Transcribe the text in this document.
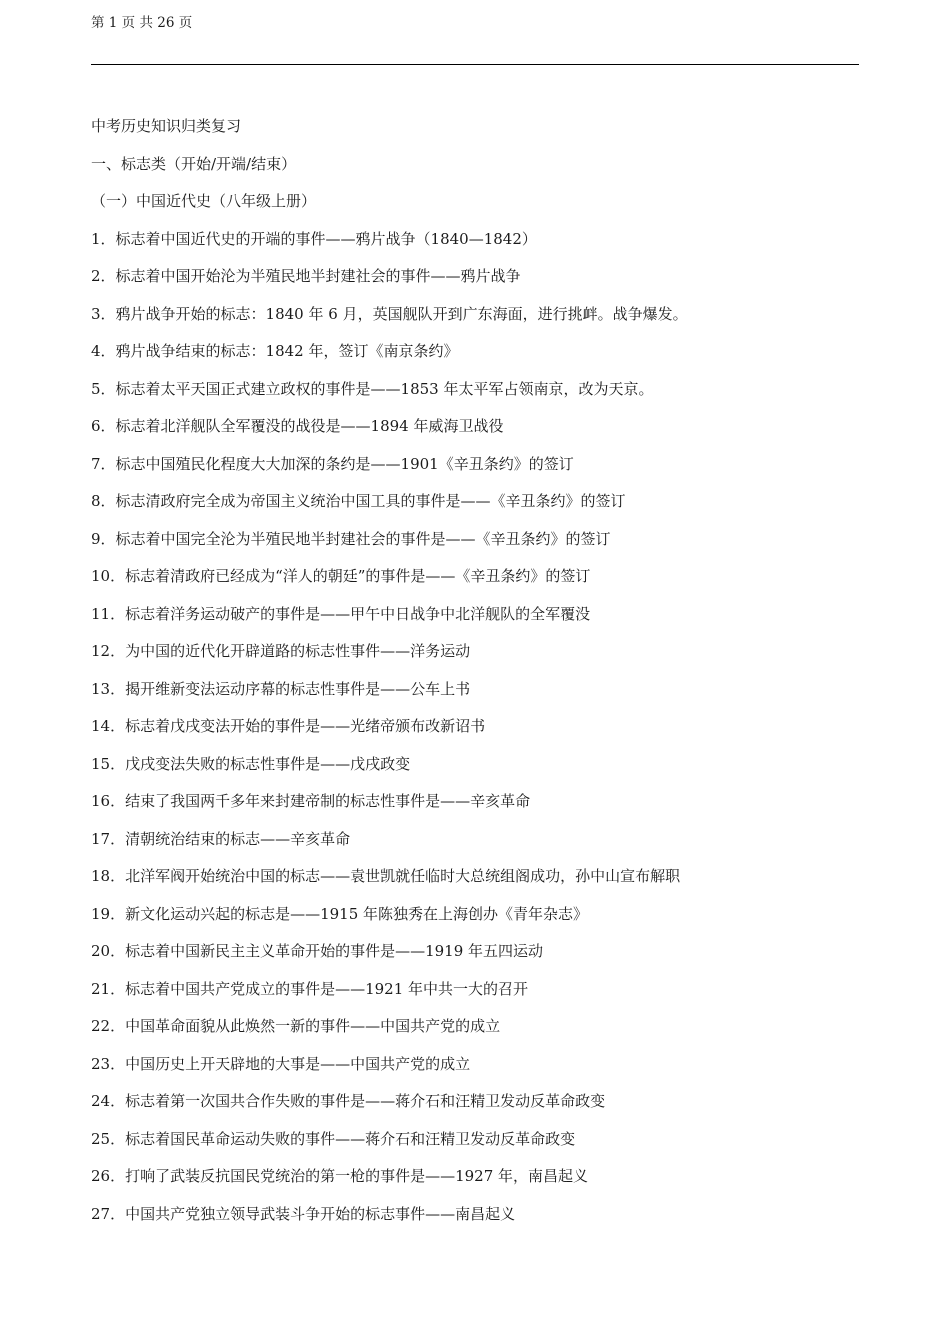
第 1 页 共 26 页
中考历史知识归类复习
一、标志类（开始/开端/结束）
（一）中国近代史（八年级上册）
1．标志着中国近代史的开端的事件——鸦片战争（1840—1842）
2．标志着中国开始沦为半殖民地半封建社会的事件——鸦片战争
3．鸦片战争开始的标志：1840 年 6 月，英国舰队开到广东海面，进行挑衅。战争爆发。
4．鸦片战争结束的标志：1842 年，签订《南京条约》
5．标志着太平天国正式建立政权的事件是——1853 年太平军占领南京，改为天京。
6．标志着北洋舰队全军覆没的战役是——1894 年威海卫战役
7．标志中国殖民化程度大大加深的条约是——1901《辛丑条约》的签订
8．标志清政府完全成为帝国主义统治中国工具的事件是——《辛丑条约》的签订
9．标志着中国完全沦为半殖民地半封建社会的事件是——《辛丑条约》的签订
10．标志着清政府已经成为“洋人的朝廷”的事件是——《辛丑条约》的签订
11．标志着洋务运动破产的事件是——甲午中日战争中北洋舰队的全军覆没
12．为中国的近代化开辟道路的标志性事件——洋务运动
13．揭开维新变法运动序幕的标志性事件是——公车上书
14．标志着戊戌变法开始的事件是——光绪帝颁布改新诏书
15．戊戌变法失败的标志性事件是——戊戌政变
16．结束了我国两千多年来封建帝制的标志性事件是——辛亥革命
17．清朝统治结束的标志——辛亥革命
18．北洋军阀开始统治中国的标志——袁世凯就任临时大总统组阁成功，孙中山宣布解职
19．新文化运动兴起的标志是——1915 年陈独秀在上海创办《青年杂志》
20．标志着中国新民主主义革命开始的事件是——1919 年五四运动
21．标志着中国共产党成立的事件是——1921 年中共一大的召开
22．中国革命面貌从此焕然一新的事件——中国共产党的成立
23．中国历史上开天辟地的大事是——中国共产党的成立
24．标志着第一次国共合作失败的事件是——蒋介石和汪精卫发动反革命政变
25．标志着国民革命运动失败的事件——蒋介石和汪精卫发动反革命政变
26．打响了武装反抗国民党统治的第一枪的事件是——1927 年，南昌起义
27．中国共产党独立领导武装斗争开始的标志事件——南昌起义
